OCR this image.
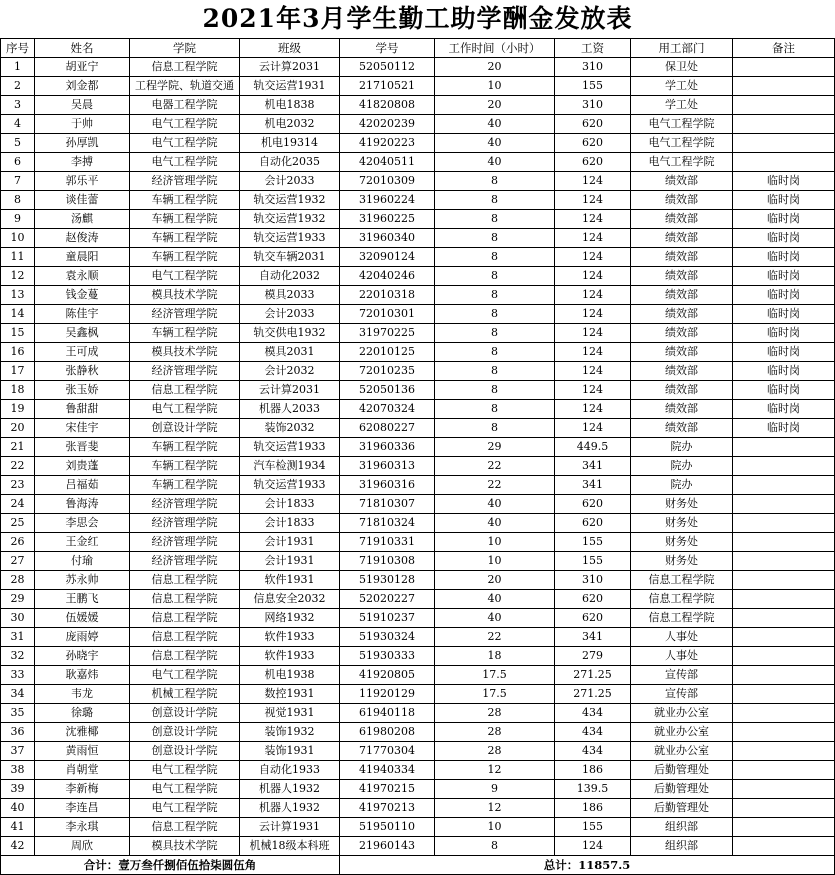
2021年3月学生勤工助学酬金发放表
序号	姓名	学院	班级	学号	工作时间（小时）	工资	用工部门	备注
1	胡亚宁	信息工程学院	云计算2031	52050112	20	310	保卫处	
2	刘金都	工程学院、轨道交通	轨交运营1931	21710521	10	155	学工处	
3	吴晨	电器工程学院	机电1838	41820808	20	310	学工处	
4	于帅	电气工程学院	机电2032	42020239	40	620	电气工程学院	
5	孙厚凯	电气工程学院	机电19314	41920223	40	620	电气工程学院	
6	李搏	电气工程学院	自动化2035	42040511	40	620	电气工程学院	
7	郭乐平	经济管理学院	会计2033	72010309	8	124	绩效部	临时岗
8	谈佳蕾	车辆工程学院	轨交运营1932	31960224	8	124	绩效部	临时岗
9	汤麒	车辆工程学院	轨交运营1932	31960225	8	124	绩效部	临时岗
10	赵俊涛	车辆工程学院	轨交运营1933	31960340	8	124	绩效部	临时岗
11	童晨阳	车辆工程学院	轨交车辆2031	32090124	8	124	绩效部	临时岗
12	袁永顺	电气工程学院	自动化2032	42040246	8	124	绩效部	临时岗
13	钱金蔓	模具技术学院	模具2033	22010318	8	124	绩效部	临时岗
14	陈佳宇	经济管理学院	会计2033	72010301	8	124	绩效部	临时岗
15	吴鑫枫	车辆工程学院	轨交供电1932	31970225	8	124	绩效部	临时岗
16	王可成	模具技术学院	模具2031	22010125	8	124	绩效部	临时岗
17	张静秋	经济管理学院	会计2032	72010235	8	124	绩效部	临时岗
18	张玉娇	信息工程学院	云计算2031	52050136	8	124	绩效部	临时岗
19	鲁甜甜	电气工程学院	机器人2033	42070324	8	124	绩效部	临时岗
20	宋佳宇	创意设计学院	装饰2032	62080227	8	124	绩效部	临时岗
21	张晋斐	车辆工程学院	轨交运营1933	31960336	29	449.5	院办	
22	刘贵蓬	车辆工程学院	汽车检测1934	31960313	22	341	院办	
23	吕福茹	车辆工程学院	轨交运营1933	31960316	22	341	院办	
24	鲁海涛	经济管理学院	会计1833	71810307	40	620	财务处	
25	李思会	经济管理学院	会计1833	71810324	40	620	财务处	
26	王金红	经济管理学院	会计1931	71910331	10	155	财务处	
27	付瑜	经济管理学院	会计1931	71910308	10	155	财务处	
28	苏永帅	信息工程学院	软件1931	51930128	20	310	信息工程学院	
29	王鹏飞	信息工程学院	信息安全2032	52020227	40	620	信息工程学院	
30	伍媛媛	信息工程学院	网络1932	51910237	40	620	信息工程学院	
31	庞雨婷	信息工程学院	软件1933	51930324	22	341	人事处	
32	孙晓宇	信息工程学院	软件1933	51930333	18	279	人事处	
33	耿嘉炜	电气工程学院	机电1938	41920805	17.5	271.25	宣传部	
34	韦龙	机械工程学院	数控1931	11920129	17.5	271.25	宣传部	
35	徐璐	创意设计学院	视觉1931	61940118	28	434	就业办公室	
36	沈雅椰	创意设计学院	装饰1932	61980208	28	434	就业办公室	
37	黄雨恒	创意设计学院	装饰1931	71770304	28	434	就业办公室	
38	肖朝堂	电气工程学院	自动化1933	41940334	12	186	后勤管理处	
39	李新梅	电气工程学院	机器人1932	41970215	9	139.5	后勤管理处	
40	李连昌	电气工程学院	机器人1932	41970213	12	186	后勤管理处	
41	李永琪	信息工程学院	云计算1931	51950110	10	155	组织部	
42	周欣	模具技术学院	机械18级本科班	21960143	8	124	组织部	
合计：壹万叁仟捌佰伍拾柒圆伍角				总计：11857.5				
